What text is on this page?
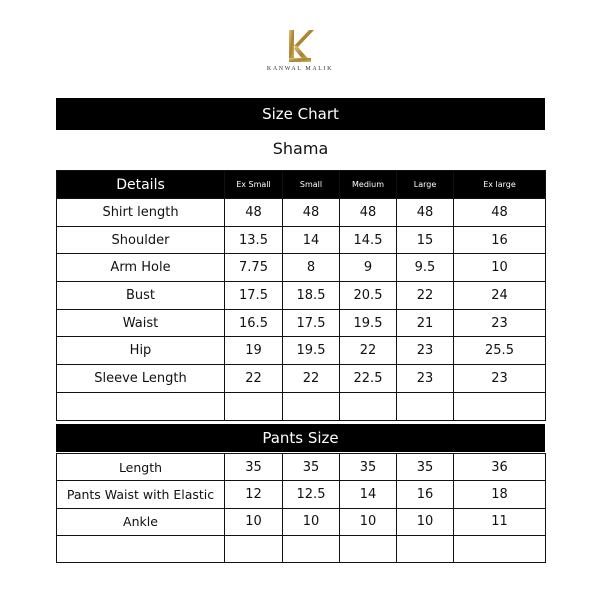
KANWAL MALIK
Size Chart
Shama
Details	Ex Small	Small	Medium	Large	Ex large
Shirt length	48	48	48	48	48
Shoulder	13.5	14	14.5	15	16
Arm Hole	7.75	8	9	9.5	10
Bust	17.5	18.5	20.5	22	24
Waist	16.5	17.5	19.5	21	23
Hip	19	19.5	22	23	25.5
Sleeve Length	22	22	22.5	23	23

Pants Size
Length	35	35	35	35	36
Pants Waist with Elastic	12	12.5	14	16	18
Ankle	10	10	10	10	11
